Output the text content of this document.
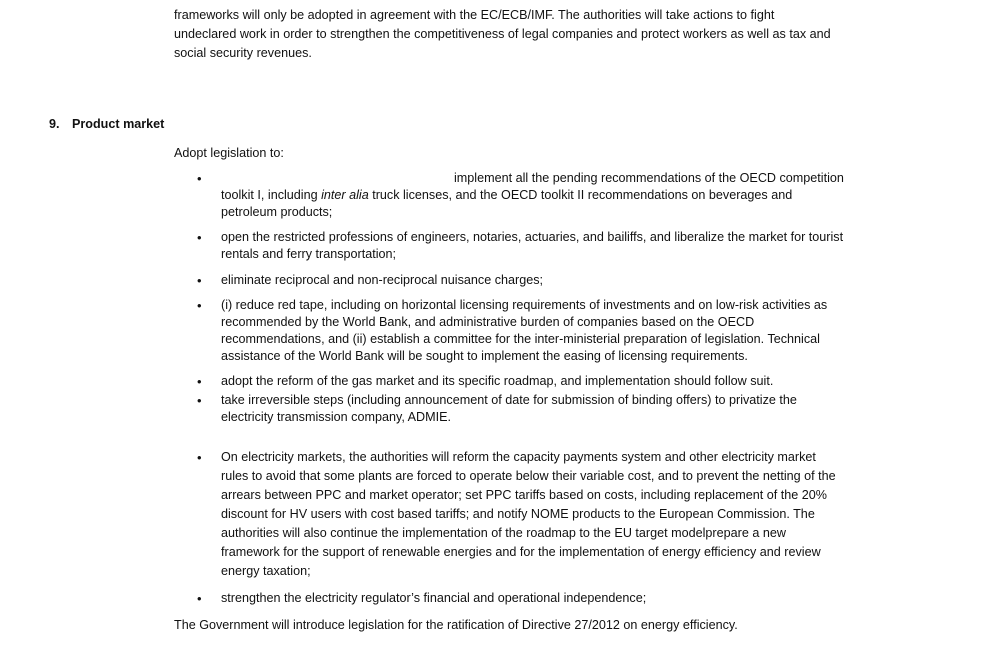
frameworks will only be adopted in agreement with the EC/ECB/IMF. The authorities will take actions to fight undeclared work in order to strengthen the competitiveness of legal companies and protect workers as well as tax and social security revenues.

9. Product market

Adopt legislation to:

•	implement all the pending recommendations of the OECD competition toolkit I, including inter alia truck licenses, and the OECD toolkit II recommendations on beverages and petroleum products;
• open the restricted professions of engineers, notaries, actuaries, and bailiffs, and liberalize the market for tourist rentals and ferry transportation;
• eliminate reciprocal and non-reciprocal nuisance charges;
• (i) reduce red tape, including on horizontal licensing requirements of investments and on low-risk activities as recommended by the World Bank, and administrative burden of companies based on the OECD recommendations, and (ii) establish a committee for the inter-ministerial preparation of legislation. Technical assistance of the World Bank will be sought to implement the easing of licensing requirements.
• adopt the reform of the gas market and its specific roadmap, and implementation should follow suit.
• take irreversible steps (including announcement of date for submission of binding offers) to privatize the electricity transmission company, ADMIE.
• On electricity markets, the authorities will reform the capacity payments system and other electricity market rules to avoid that some plants are forced to operate below their variable cost, and to prevent the netting of the arrears between PPC and market operator; set PPC tariffs based on costs, including replacement of the 20% discount for HV users with cost based tariffs; and notify NOME products to the European Commission. The authorities will also continue the implementation of the roadmap to the EU target modelprepare a new framework for the support of renewable energies and for the implementation of energy efficiency and review energy taxation;
• strengthen the electricity regulator’s financial and operational independence;

The Government will introduce legislation for the ratification of Directive 27/2012 on energy efficiency.
